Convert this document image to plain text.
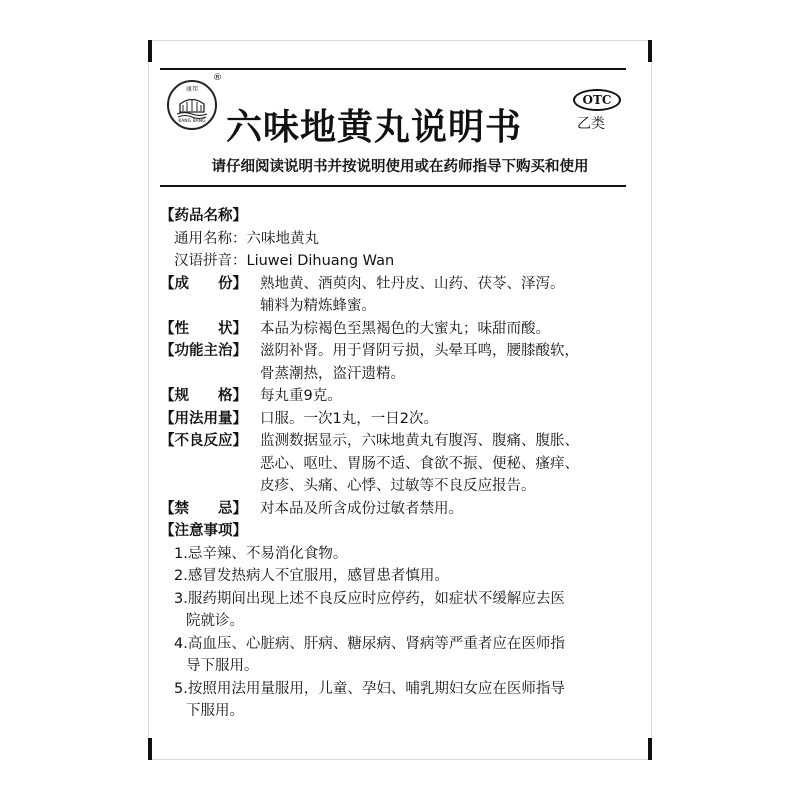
康邦
KANG BANG
®
六味地黄丸说明书
OTC
乙类
请仔细阅读说明书并按说明使用或在药师指导下购买和使用
【药品名称】
通用名称：六味地黄丸
汉语拼音：Liuwei Dihuang Wan
【成　　份】 熟地黄、酒萸肉、牡丹皮、山药、茯苓、泽泻。
辅料为精炼蜂蜜。
【性　　状】 本品为棕褐色至黑褐色的大蜜丸；味甜而酸。
【功能主治】 滋阴补肾。用于肾阴亏损，头晕耳鸣，腰膝酸软，
骨蒸潮热，盗汗遗精。
【规　　格】 每丸重9克。
【用法用量】 口服。一次1丸，一日2次。
【不良反应】 监测数据显示，六味地黄丸有腹泻、腹痛、腹胀、
恶心、呕吐、胃肠不适、食欲不振、便秘、瘙痒、
皮疹、头痛、心悸、过敏等不良反应报告。
【禁　　忌】 对本品及所含成份过敏者禁用。
【注意事项】
1.忌辛辣、不易消化食物。
2.感冒发热病人不宜服用，感冒患者慎用。
3.服药期间出现上述不良反应时应停药，如症状不缓解应去医
院就诊。
4.高血压、心脏病、肝病、糖尿病、肾病等严重者应在医师指
导下服用。
5.按照用法用量服用，儿童、孕妇、哺乳期妇女应在医师指导
下服用。
